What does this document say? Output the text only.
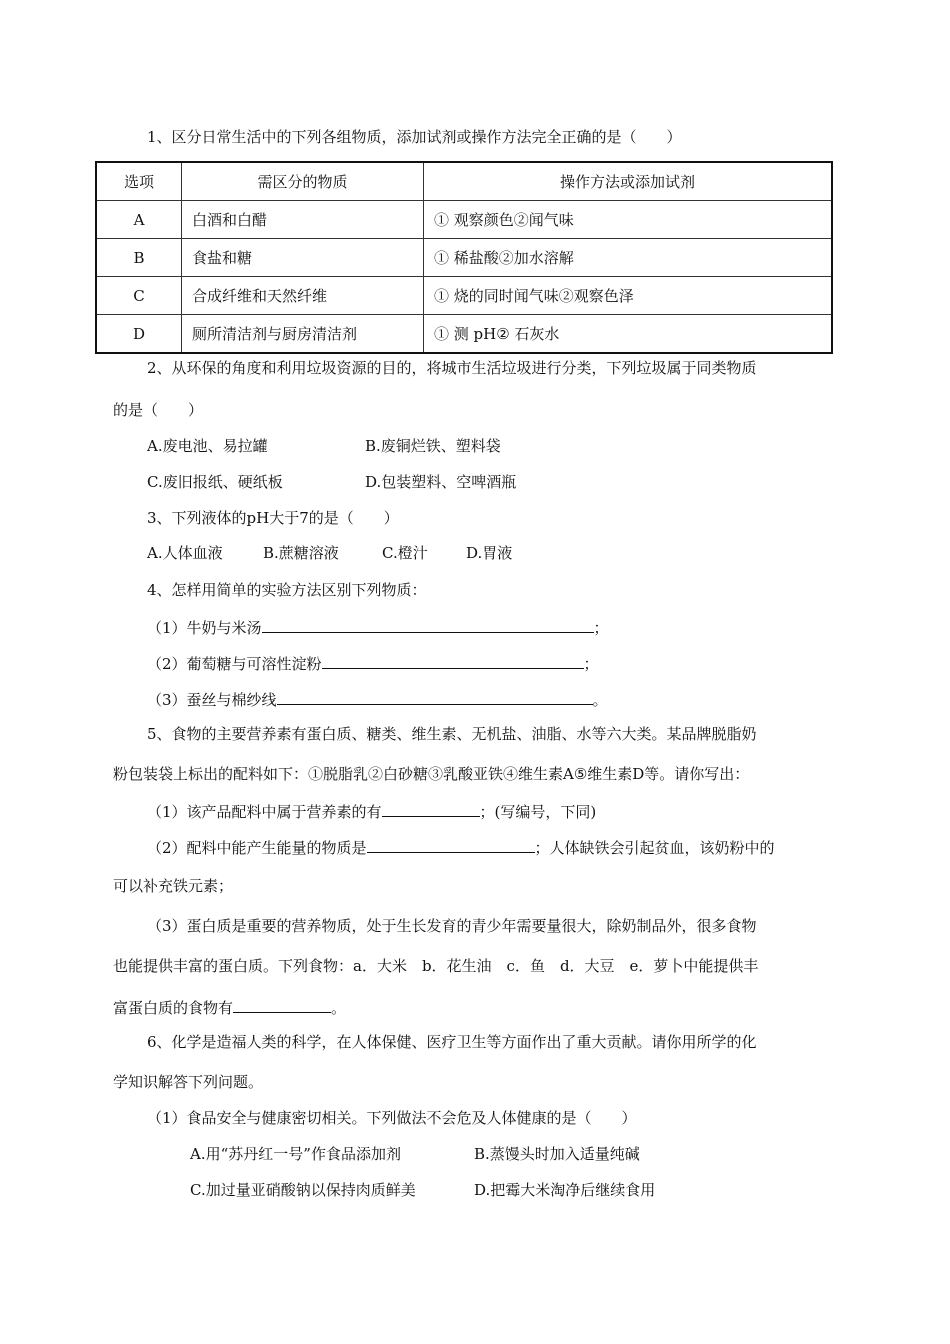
1、区分日常生活中的下列各组物质，添加试剂或操作方法完全正确的是（　　）
选项	需区分的物质	操作方法或添加试剂
A	白酒和白醋	① 观察颜色②闻气味
B	食盐和糖	① 稀盐酸②加水溶解
C	合成纤维和天然纤维	① 烧的同时闻气味②观察色泽
D	厕所清洁剂与厨房清洁剂	① 测 pH② 石灰水
2、从环保的角度和利用垃圾资源的目的，将城市生活垃圾进行分类，下列垃圾属于同类物质
的是（　　）
A.废电池、易拉罐	B.废铜烂铁、塑料袋
C.废旧报纸、硬纸板	D.包装塑料、空啤酒瓶
3、下列液体的pH大于7的是（　　）
A.人体血液	B.蔗糖溶液	C.橙汁	D.胃液
4、怎样用简单的实验方法区别下列物质：
（1）牛奶与米汤	；
（2）葡萄糖与可溶性淀粉	；
（3）蚕丝与棉纱线	。
5、食物的主要营养素有蛋白质、糖类、维生素、无机盐、油脂、水等六大类。某品牌脱脂奶
粉包装袋上标出的配料如下：①脱脂乳②白砂糖③乳酸亚铁④维生素A⑤维生素D等。请你写出：
（1）该产品配料中属于营养素的有	；(写编号，下同)
（2）配料中能产生能量的物质是	；人体缺铁会引起贫血，该奶粉中的
可以补充铁元素；
（3）蛋白质是重要的营养物质，处于生长发育的青少年需要量很大，除奶制品外，很多食物
也能提供丰富的蛋白质。下列食物：a．大米　b．花生油　c．鱼　d．大豆　e．萝卜中能提供丰
富蛋白质的食物有	。
6、化学是造福人类的科学，在人体保健、医疗卫生等方面作出了重大贡献。请你用所学的化
学知识解答下列问题。
（1）食品安全与健康密切相关。下列做法不会危及人体健康的是（　　）
A.用“苏丹红一号”作食品添加剂	B.蒸馒头时加入适量纯碱
C.加过量亚硝酸钠以保持肉质鲜美	D.把霉大米淘净后继续食用
